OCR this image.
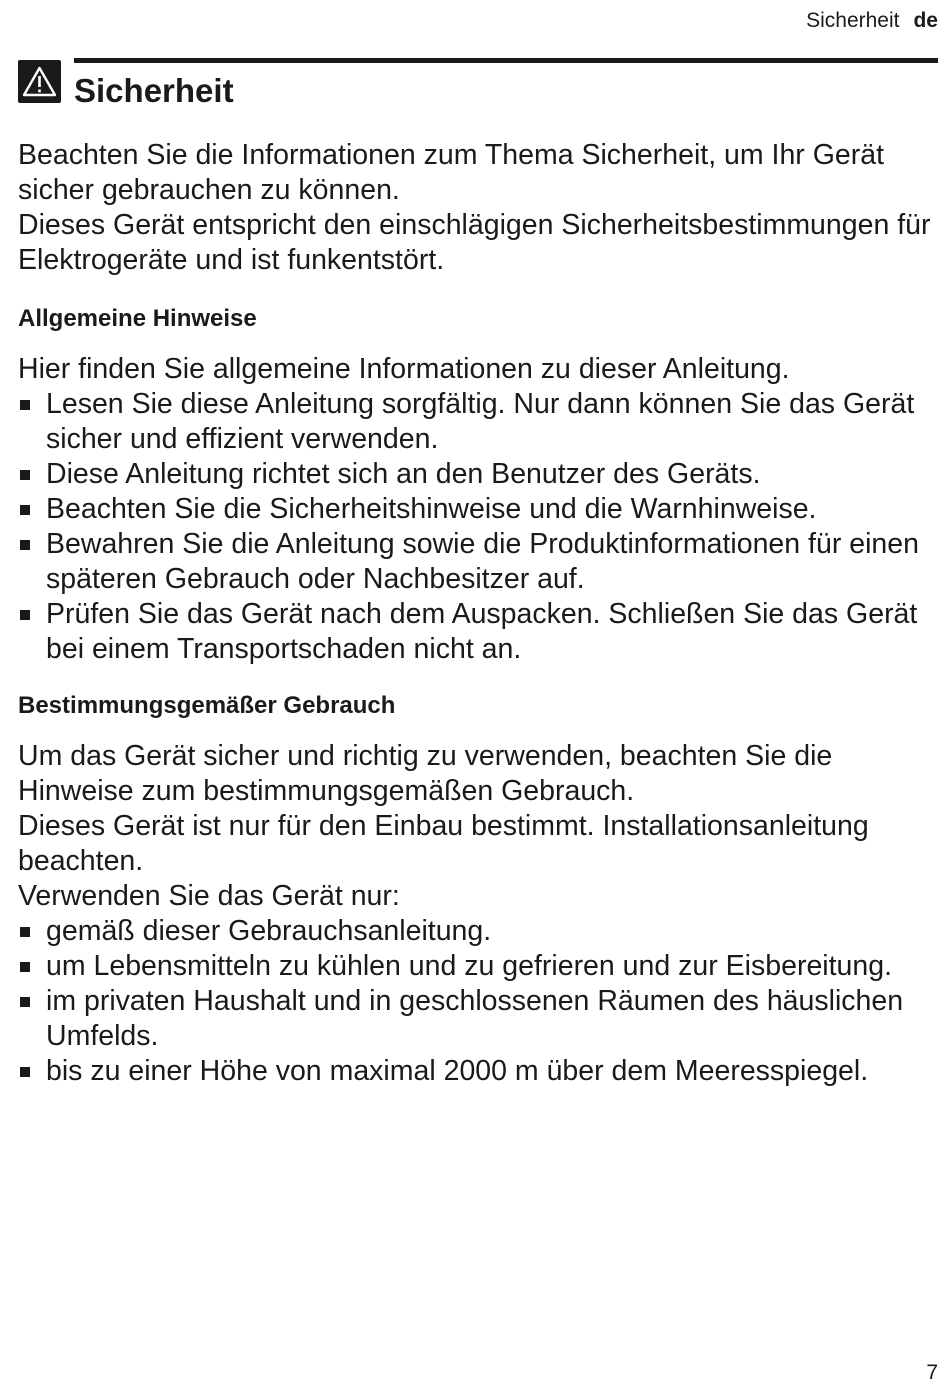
Sicherheit de
Sicherheit

Beachten Sie die Informationen zum Thema Sicherheit, um Ihr Gerät sicher gebrauchen zu können.

Dieses Gerät entspricht den einschlägigen Sicherheitsbestimmungen für Elektrogeräte und ist funkentstört.

Allgemeine Hinweise

Hier finden Sie allgemeine Informationen zu dieser Anleitung.

Lesen Sie diese Anleitung sorgfältig. Nur dann können Sie das Gerät sicher und effizient verwenden.
Diese Anleitung richtet sich an den Benutzer des Geräts.
Beachten Sie die Sicherheitshinweise und die Warnhinweise.
Bewahren Sie die Anleitung sowie die Produktinformationen für einen späteren Gebrauch oder Nachbesitzer auf.
Prüfen Sie das Gerät nach dem Auspacken. Schließen Sie das Gerät bei einem Transportschaden nicht an.
Bestimmungsgemäßer Gebrauch

Um das Gerät sicher und richtig zu verwenden, beachten Sie die Hinweise zum bestimmungsgemäßen Gebrauch.

Dieses Gerät ist nur für den Einbau bestimmt. Installationsanleitung beachten.

Verwenden Sie das Gerät nur:

gemäß dieser Gebrauchsanleitung.
um Lebensmitteln zu kühlen und zu gefrieren und zur Eisbereitung.
im privaten Haushalt und in geschlossenen Räumen des häuslichen Umfelds.
bis zu einer Höhe von maximal 2000 m über dem Meeresspiegel.
7
